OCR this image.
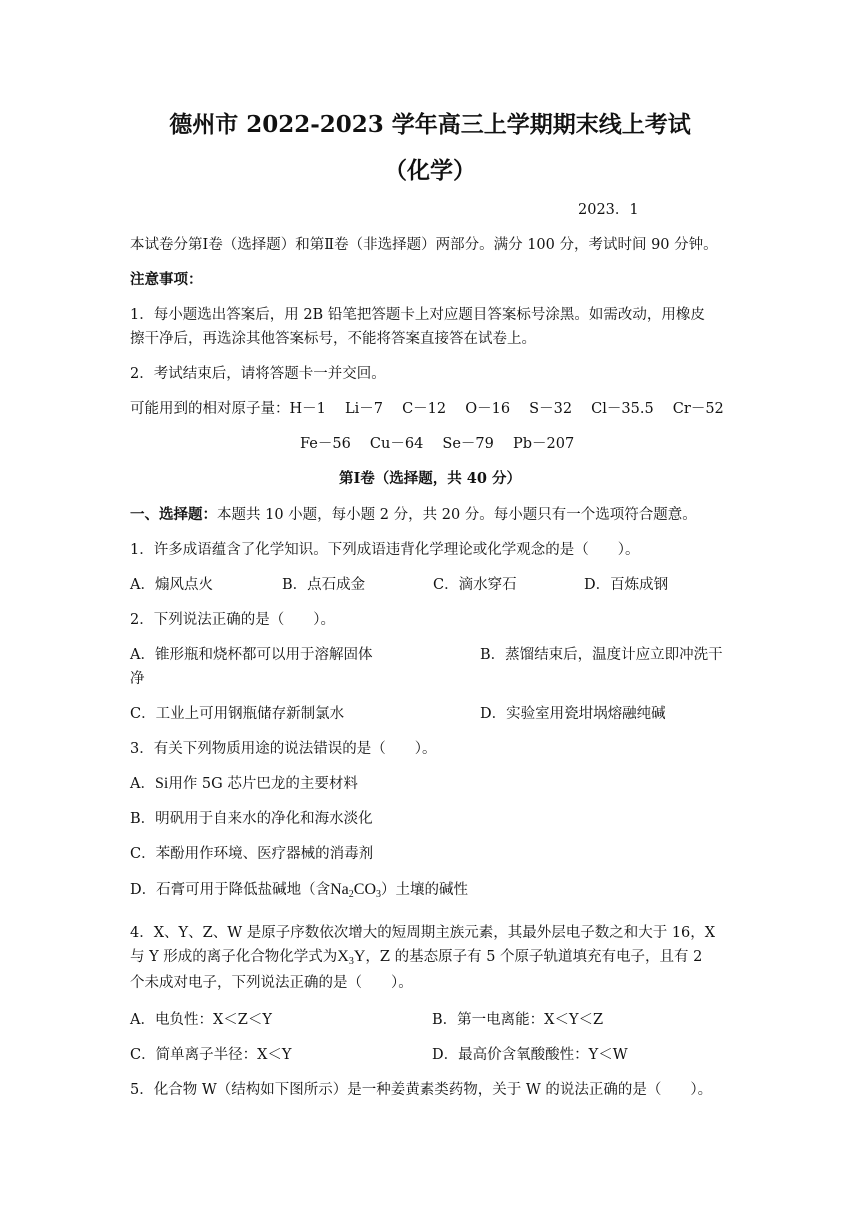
德州市 2022-2023 学年高三上学期期末线上考试
（化学）
2023．1
本试卷分第Ⅰ卷（选择题）和第Ⅱ卷（非选择题）两部分。满分 100 分，考试时间 90 分钟。
注意事项：
1．每小题选出答案后，用 2B 铅笔把答题卡上对应题目答案标号涂黑。如需改动，用橡皮
擦干净后，再选涂其他答案标号，不能将答案直接答在试卷上。
2．考试结束后，请将答题卡一并交回。
可能用到的相对原子量：H－1　 Li－7　 C－12　 O－16　 S－32　 Cl－35.5　 Cr－52
Fe－56　 Cu－64　 Se－79　 Pb－207
第Ⅰ卷（选择题，共 40 分）
一、选择题：本题共 10 小题，每小题 2 分，共 20 分。每小题只有一个选项符合题意。
1．许多成语蕴含了化学知识。下列成语违背化学理论或化学观念的是（　　）。
A．煽风点火	B．点石成金	C．滴水穿石	D．百炼成钢
2．下列说法正确的是（　　）。
A．锥形瓶和烧杯都可以用于溶解固体	B．蒸馏结束后，温度计应立即冲洗干
净
C．工业上可用钢瓶储存新制氯水	D．实验室用瓷坩埚熔融纯碱
3．有关下列物质用途的说法错误的是（　　）。
A．Si用作 5G 芯片巴龙的主要材料
B．明矾用于自来水的净化和海水淡化
C．苯酚用作环境、医疗器械的消毒剂
D．石膏可用于降低盐碱地（含$Na_2CO_3$）土壤的碱性
4．X、Y、Z、W 是原子序数依次增大的短周期主族元素，其最外层电子数之和大于 16，X
与 Y 形成的离子化合物化学式为$X_3Y$，Z 的基态原子有 5 个原子轨道填充有电子，且有 2
个未成对电子，下列说法正确的是（　　）。
A．电负性：X＜Z＜Y	B．第一电离能：X＜Y＜Z
C．简单离子半径：X＜Y	D．最高价含氧酸酸性：Y＜W
5．化合物 W（结构如下图所示）是一种姜黄素类药物，关于 W 的说法正确的是（　　）。
